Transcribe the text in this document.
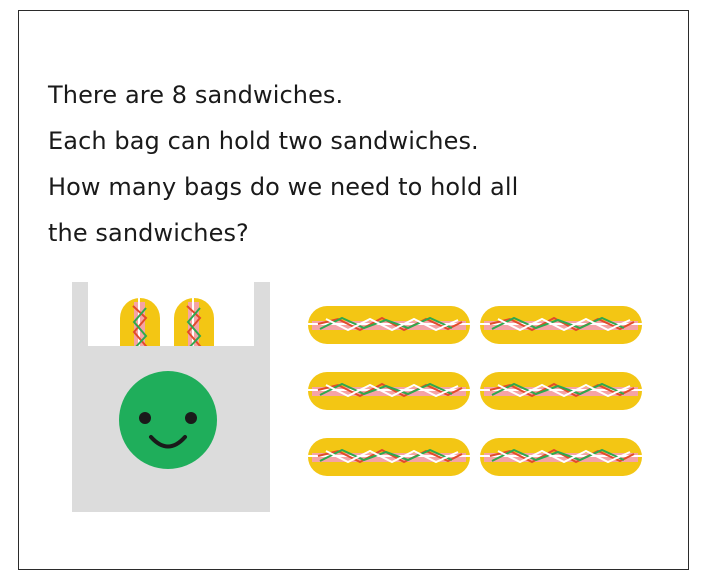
There are 8 sandwiches.
Each bag can hold two sandwiches.
How many bags do we need to hold all
the sandwiches?
